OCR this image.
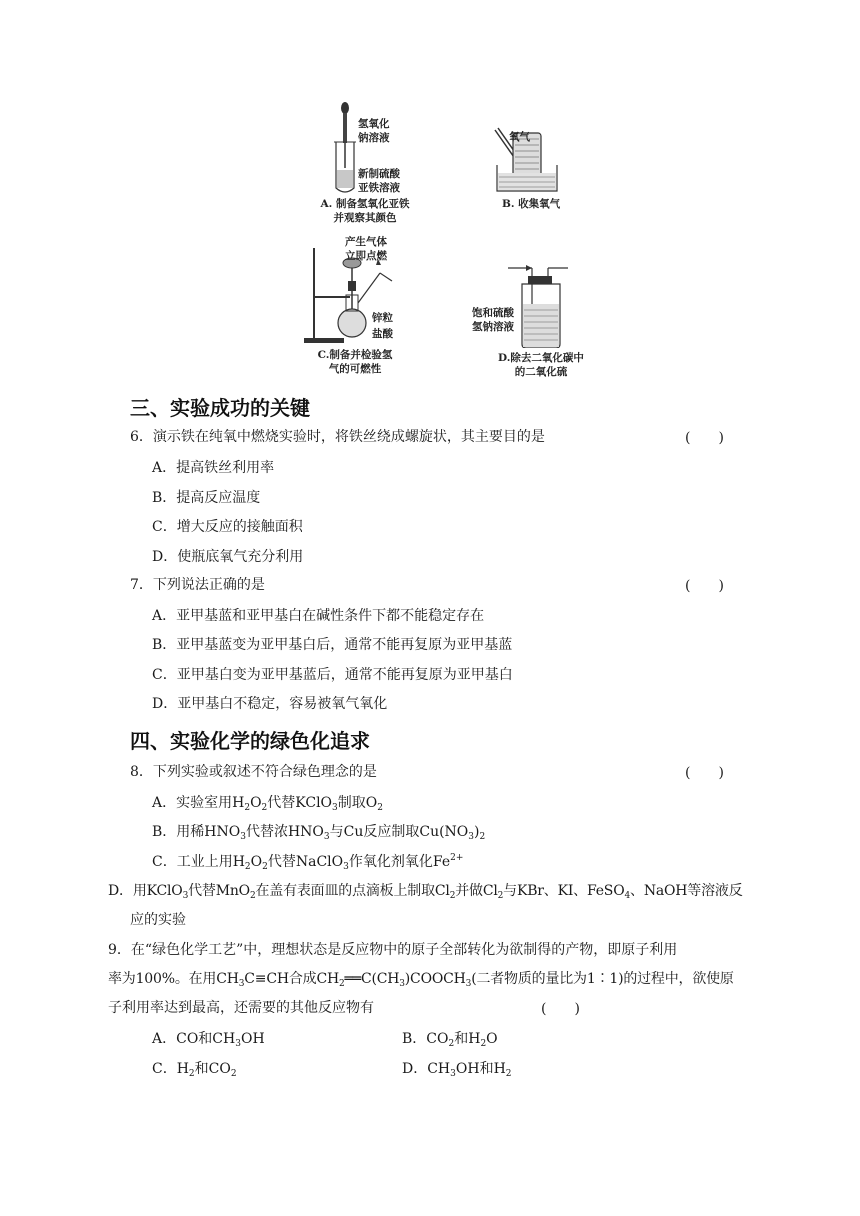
氢氧化
钠溶液
新制硫酸
亚铁溶液
A. 制备氢氧化亚铁
并观察其颜色
氧气
B. 收集氧气
产生气体
立即点燃
锌粒
盐酸
C.制备并检验氢
气的可燃性
饱和硫酸
氢钠溶液
D.除去二氧化碳中
的二氧化硫
三、实验成功的关键
6．演示铁在纯氧中燃烧实验时，将铁丝绕成螺旋状，其主要目的是	(　　)
A．提高铁丝利用率
B．提高反应温度
C．增大反应的接触面积
D．使瓶底氧气充分利用
7．下列说法正确的是	(　　)
A．亚甲基蓝和亚甲基白在碱性条件下都不能稳定存在
B．亚甲基蓝变为亚甲基白后，通常不能再复原为亚甲基蓝
C．亚甲基白变为亚甲基蓝后，通常不能再复原为亚甲基白
D．亚甲基白不稳定，容易被氧气氧化
四、实验化学的绿色化追求
8．下列实验或叙述不符合绿色理念的是	(　　)
A．实验室用$H_2O_2$代替KClO$_3$制取$O_2$
B．用稀$HNO_3$代替浓$HNO_3$与Cu反应制取$Cu(NO_3)_2$
C．工业上用$H_2O_2$代替NaClO$_3$作氧化剂氧化$Fe^{2+}$
D．用KClO$_3$代替MnO$_2$在盖有表面皿的点滴板上制取$Cl_2$并做$Cl_2$与KBr、KI、FeSO$_4$、NaOH等溶液反
应的实验
9．在“绿色化学工艺”中，理想状态是反应物中的原子全部转化为欲制得的产物，即原子利用
率为100%。在用$CH_3C\equiv CH$合成$CH_2══C(CH_3)COOCH_3$(二者物质的量比为1∶1)的过程中，欲使原
子利用率达到最高，还需要的其他反应物有	(　　)
A．CO和$CH_3OH$	B．$CO_2$和$H_2O$
C．$H_2$和$CO_2$	D．$CH_3OH$和$H_2$
